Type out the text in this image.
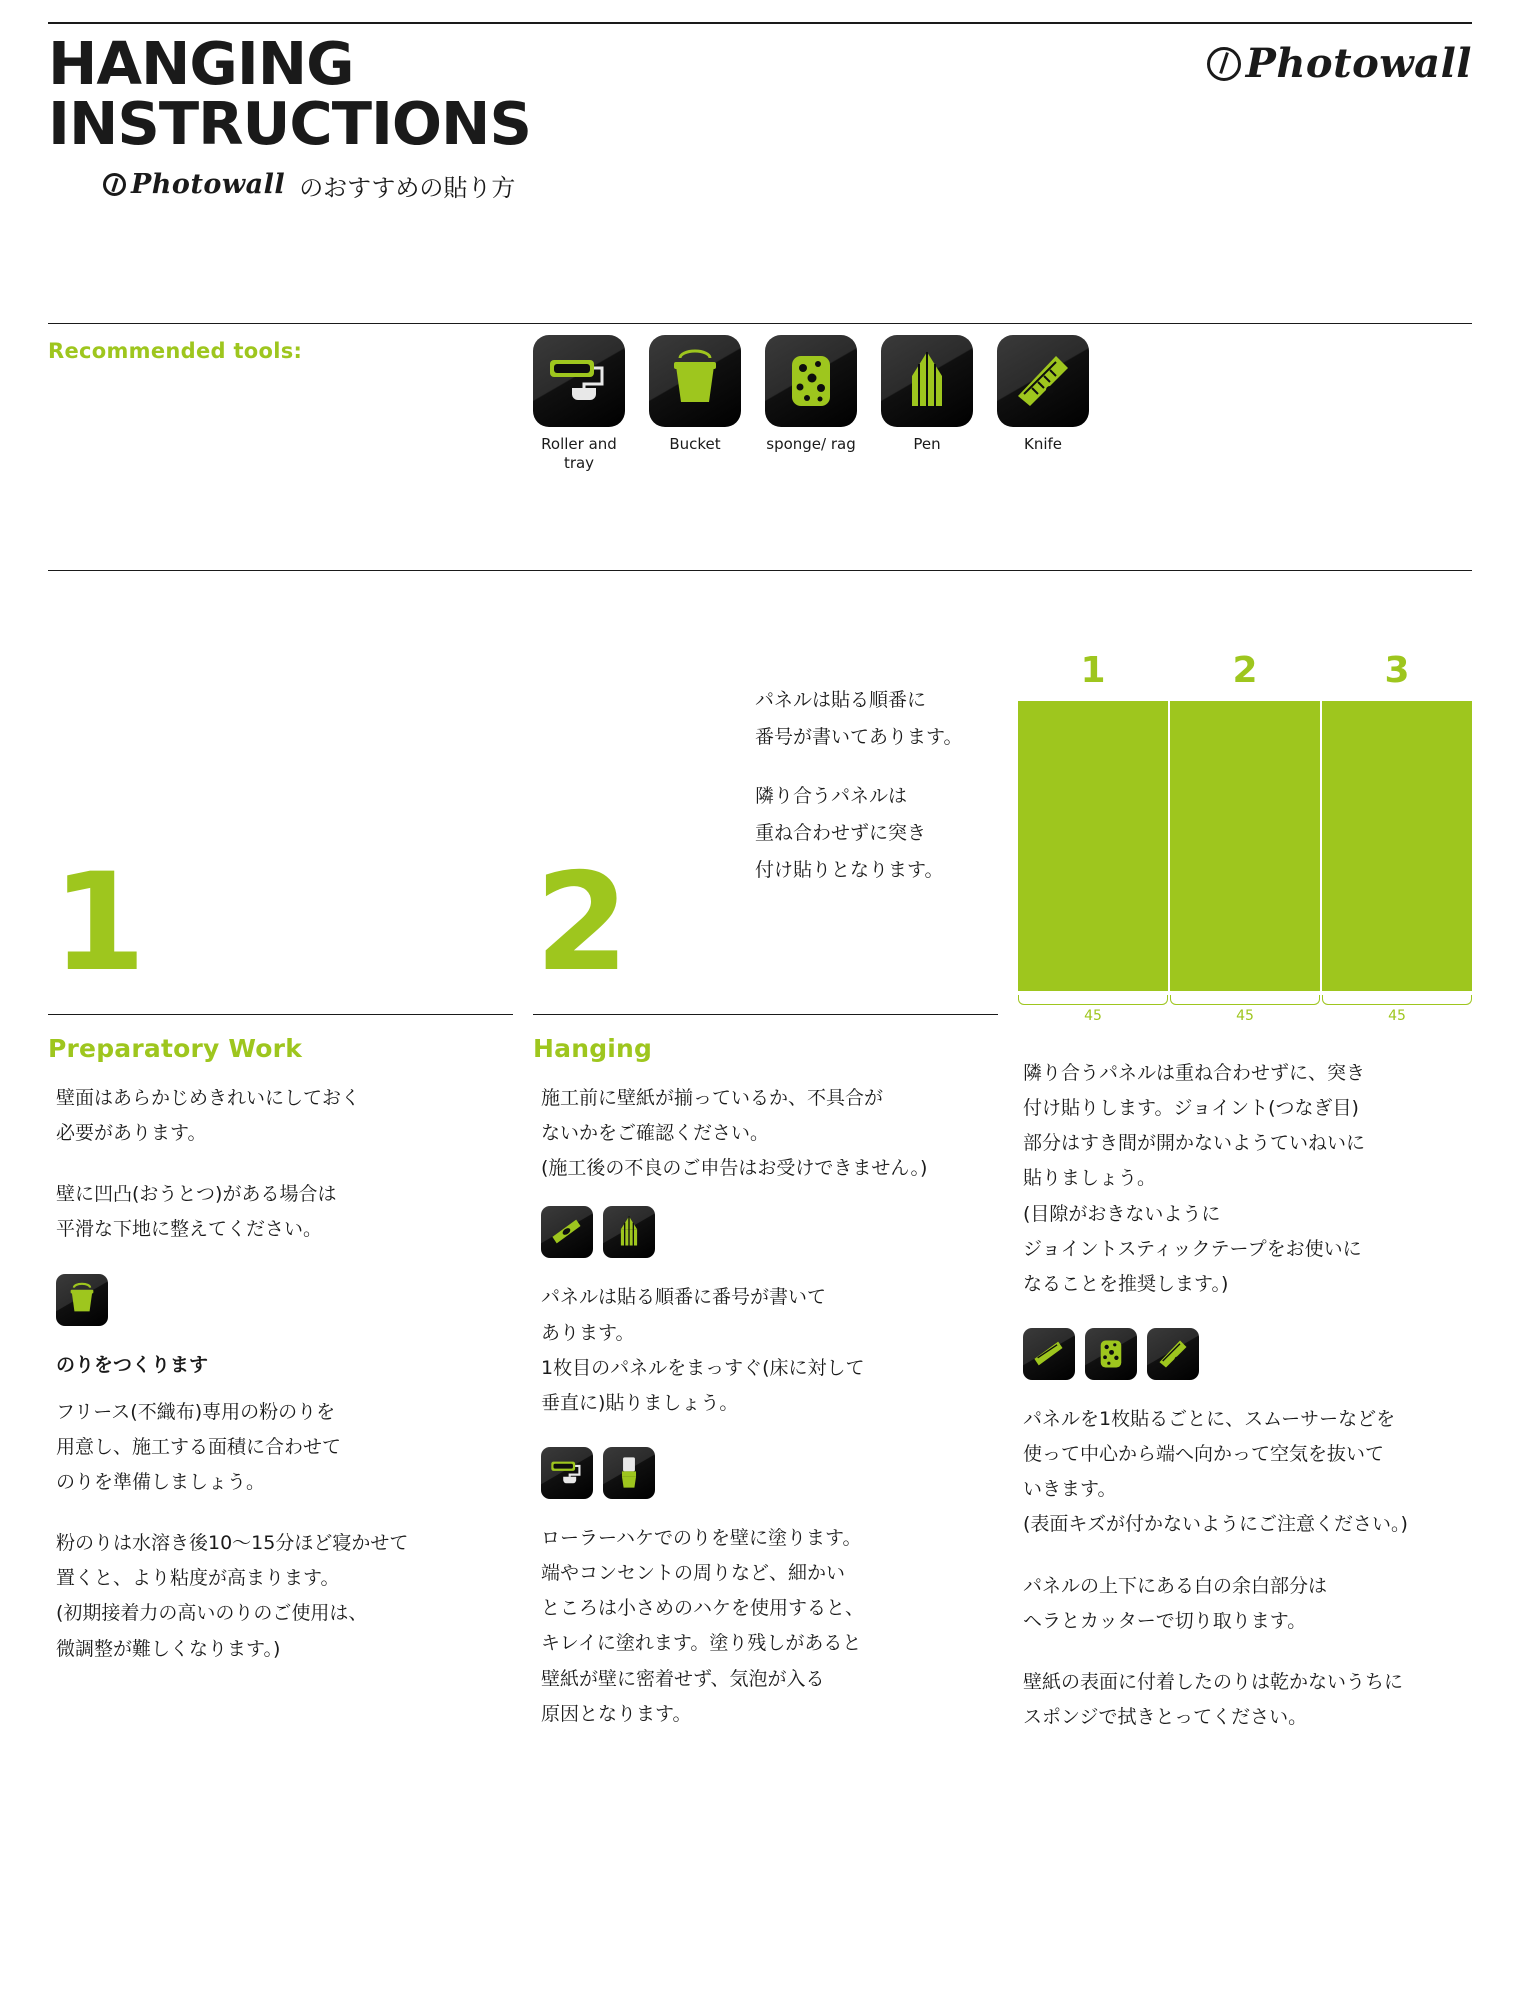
HANGING
INSTRUCTIONS
Photowall のおすすめの貼り方
Photowall
Recommended tools:
Roller and tray
Bucket	sponge/ rag	Pen	Knife
1	2
パネルは貼る順番に
番号が書いてあります。
隣り合うパネルは
重ね合わせずに突き
付け貼りとなります。
1	2	3
45	45	45
Preparatory Work
壁面はあらかじめきれいにしておく
必要があります。
壁に凹凸(おうとつ)がある場合は
平滑な下地に整えてください。
のりをつくります
フリース(不織布)専用の粉のりを
用意し、施工する面積に合わせて
のりを準備しましょう。
粉のりは水溶き後10〜15分ほど寝かせて
置くと、より粘度が高まります。
(初期接着力の高いのりのご使用は、
微調整が難しくなります。)
Hanging
施工前に壁紙が揃っているか、不具合が
ないかをご確認ください。
(施工後の不良のご申告はお受けできません。)
パネルは貼る順番に番号が書いて
あります。
1枚目のパネルをまっすぐ(床に対して
垂直に)貼りましょう。
ローラーハケでのりを壁に塗ります。
端やコンセントの周りなど、細かい
ところは小さめのハケを使用すると、
キレイに塗れます。塗り残しがあると
壁紙が壁に密着せず、気泡が入る
原因となります。
隣り合うパネルは重ね合わせずに、突き
付け貼りします。ジョイント(つなぎ目)
部分はすき間が開かないようていねいに
貼りましょう。
(目隙がおきないように
ジョイントスティックテープをお使いに
なることを推奨します。)
パネルを1枚貼るごとに、スムーサーなどを
使って中心から端へ向かって空気を抜いて
いきます。
(表面キズが付かないようにご注意ください。)
パネルの上下にある白の余白部分は
ヘラとカッターで切り取ります。
壁紙の表面に付着したのりは乾かないうちに
スポンジで拭きとってください。
